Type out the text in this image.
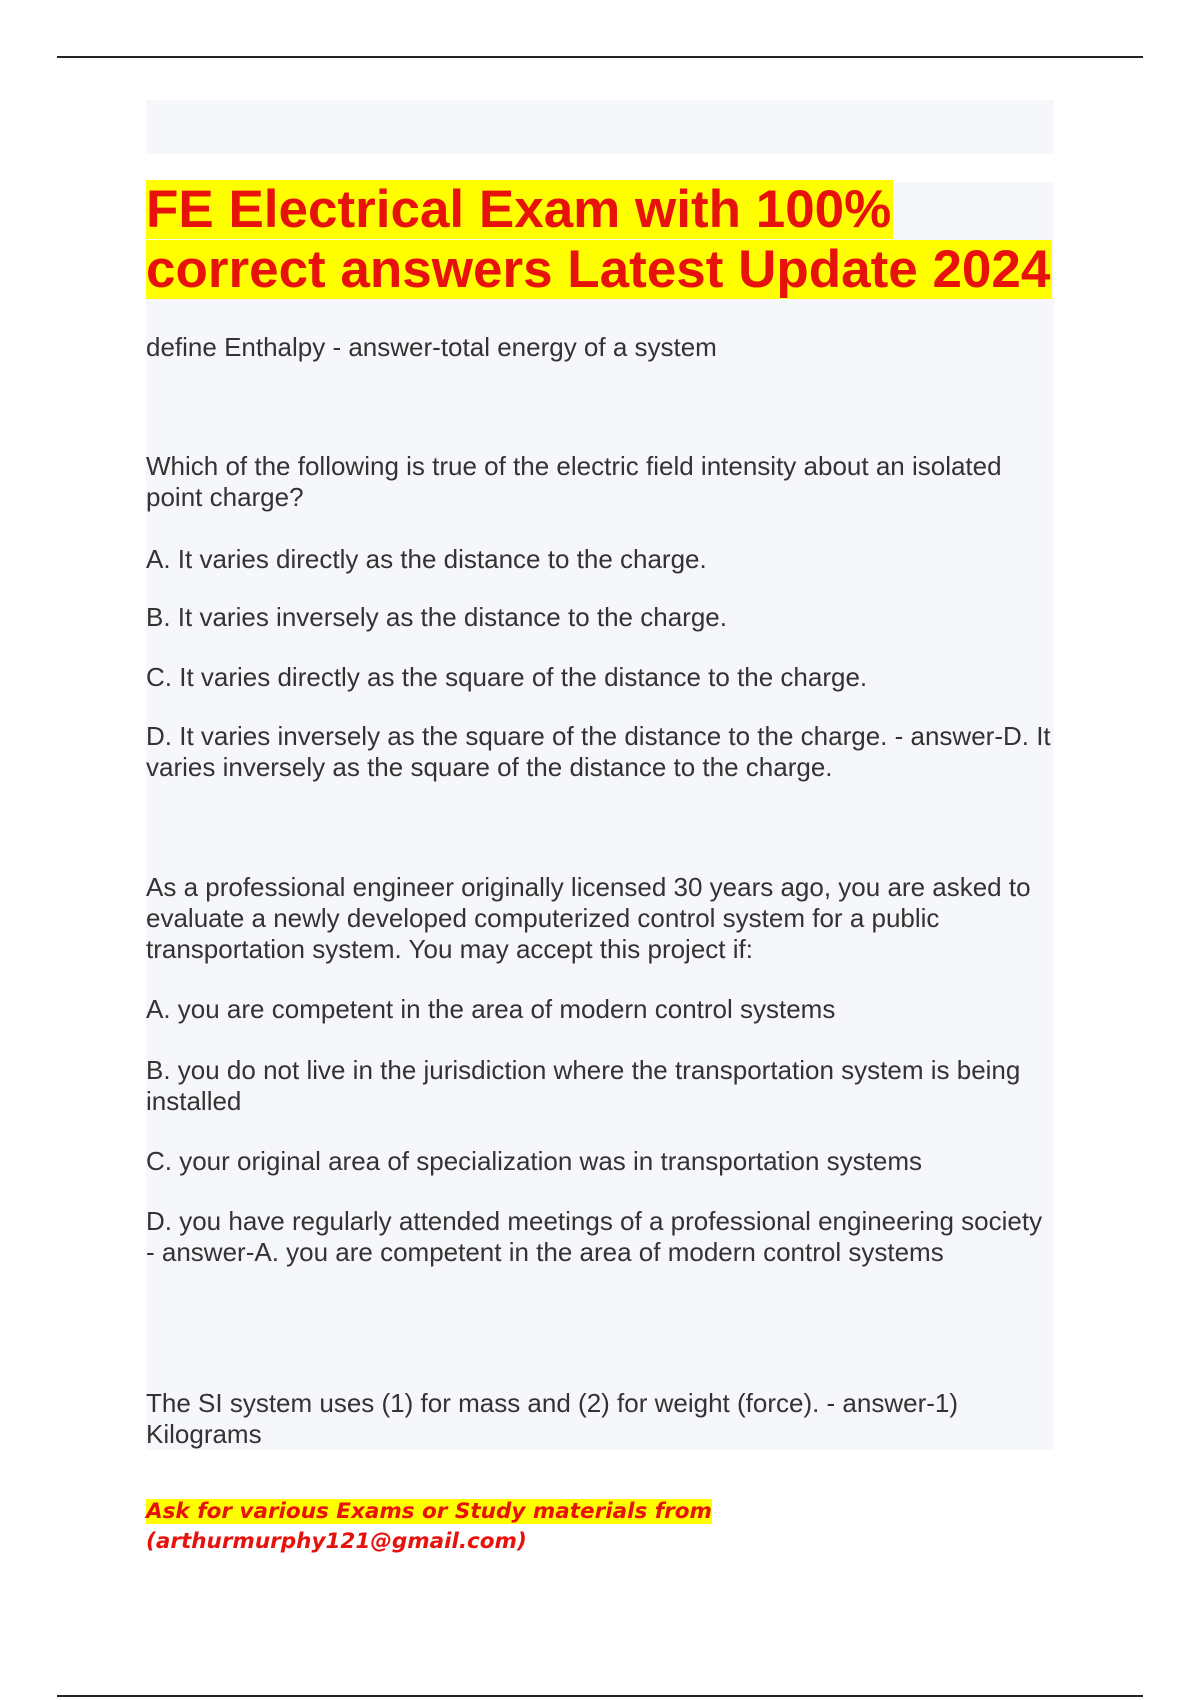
FE Electrical Exam with 100%
correct answers Latest Update 2024

define Enthalpy - answer-total energy of a system

Which of the following is true of the electric field intensity about an isolated point charge?

A. It varies directly as the distance to the charge.

B. It varies inversely as the distance to the charge.

C. It varies directly as the square of the distance to the charge.

D. It varies inversely as the square of the distance to the charge. - answer-D. It varies inversely as the square of the distance to the charge.

As a professional engineer originally licensed 30 years ago, you are asked to evaluate a newly developed computerized control system for a public transportation system. You may accept this project if:

A. you are competent in the area of modern control systems

B. you do not live in the jurisdiction where the transportation system is being installed

C. your original area of specialization was in transportation systems

D. you have regularly attended meetings of a professional engineering society - answer-A. you are competent in the area of modern control systems

The SI system uses (1) for mass and (2) for weight (force). - answer-1) Kilograms

Ask for various Exams or Study materials from
(arthurmurphy121@gmail.com)
